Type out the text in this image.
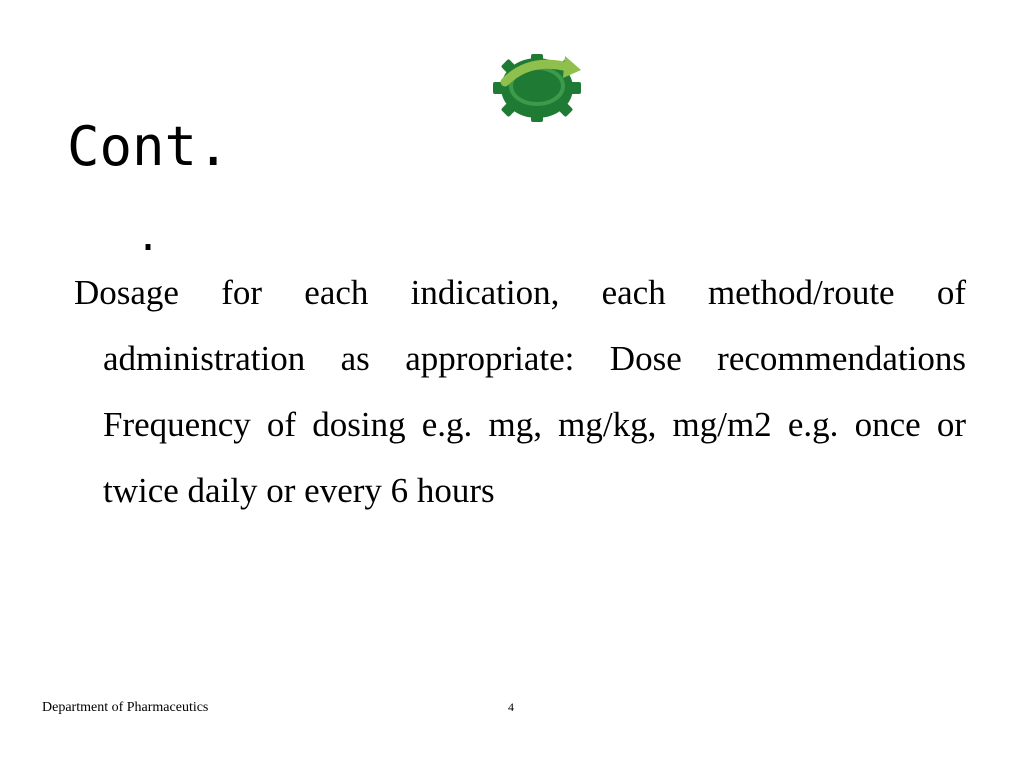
Cont.
.

Dosage for each indication, each method/route of administration as appropriate: Dose recommendations Frequency of dosing e.g. mg, mg/kg, mg/m2 e.g. once or twice daily or every 6 hours

Department of Pharmaceutics	4
